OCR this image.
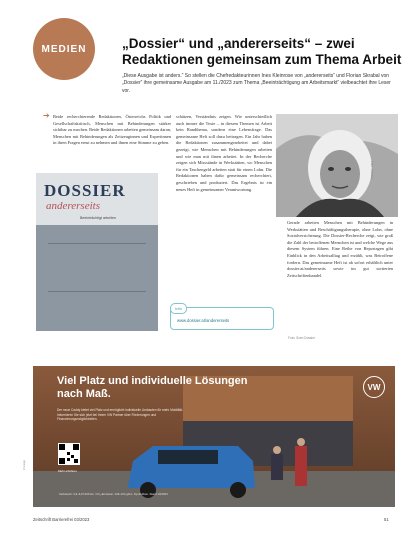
MEDIEN	„Dossier“ und „andererseits“ – zwei Redaktionen gemeinsam zum Thema Arbeit
„Diese Ausgabe ist anders.“ So stellen die Chefredakteurinnen Ines Kleinrose von „andererseits“ und Florian Skrabal von „Dossier“ ihre gemeinsame Ausgabe am 11./2023 zum Thema „Beeinträchtigung am Arbeitsmarkt“ vielbeachtet ihre Leser vor.
➔ Beide recherchierende Redaktionen, Österreichs Politik und Gesellschaftskritisch, Menschen mit Behinderungen stärker sichtbar zu machen. Beide Redaktionen arbeiten gemeinsam daran, Menschen mit Behinderungen als Zeitzeuginnen und Expertinnen in ihren Fragen ernst zu nehmen und ihnen eine Stimme zu geben.
schätzen, Verständnis zeigen. Wie unterschiedlich auch immer die Texte – in diesem Themen ist Arbeit kein Randthema, sondern eine Lebensfrage. Das gemeinsame Heft soll dazu beitragen. Ein Jahr haben die Redaktionen zusammengearbeitet und dabei gezeigt, wie Menschen mit Behinderungen arbeiten und wie man mit ihnen arbeitet. In der Recherche zeigen sich Missstände in Werkstätten, wo Menschen für ein Taschengeld arbeiten statt für einen Lohn. Die Redaktionen haben dafür gemeinsam recherchiert, geschrieben und produziert. Das Ergebnis ist ein neues Heft in gemeinsamer Verantwortung.
DOSSIER
andererseits
Beeinträchtigt arbeiten
Foto: Dossier
Gerade arbeiten Menschen mit Behinderungen in Werkstätten und Beschäftigungstherapie, ohne Lohn, ohne Sozialversicherung. Die Dossier-Recherche zeigt, wie groß die Zahl der betroffenen Menschen ist und welche Wege aus diesem System führen. Eine Reihe von Reportagen gibt Einblick in den Arbeitsalltag und erzählt, was Betroffene fordern. Das gemeinsame Heft ist ab sofort erhältlich unter dossier.at/andererseits sowie im gut sortierten Zeitschriftenhandel.
Info
www.dossier.at/andererseits
Foto: Sven Dossier
Viel Platz und individuelle Lösungen nach Maß.
Der neue Caddy bietet viel Platz und ermöglicht individuelle Umbauten für mehr Mobilität. Informieren Sie sich jetzt bei Ihrem VW Partner über Förderungen und Finanzierungsmöglichkeiten.
Mehr erfahren
VW
Verbrauch: 4,9–6,8 l/100 km. CO₂-Emission: 129–154 g/km. Symbolfoto. Stand 10/2023.
Anzeige
Zeitschrift Barrierefrei 03/2023	51
